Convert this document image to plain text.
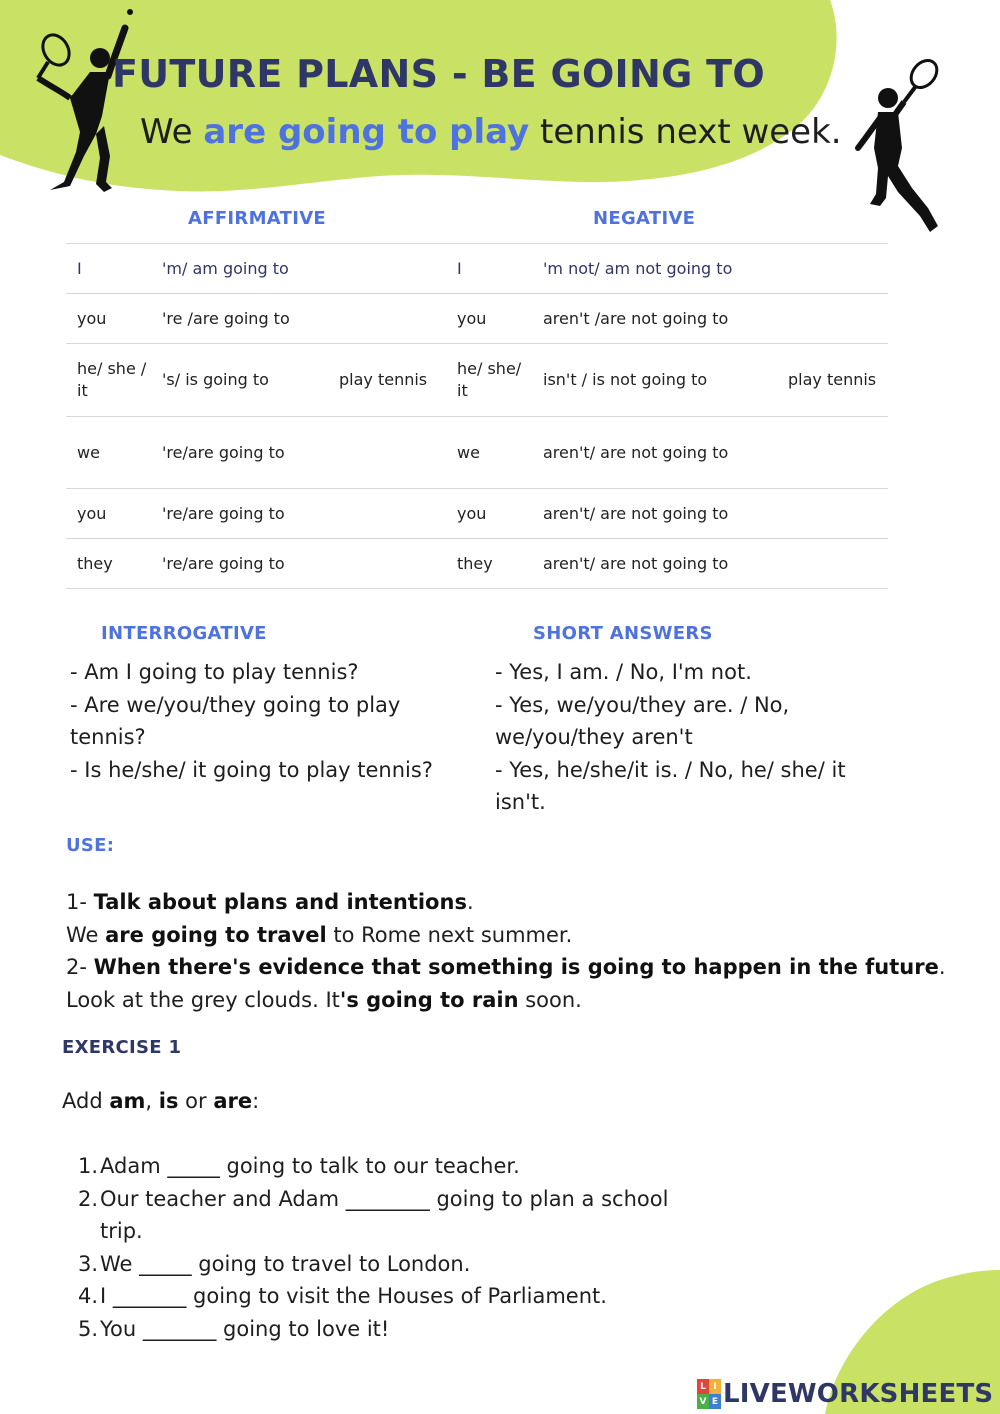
FUTURE PLANS - BE GOING TO
We are going to play tennis next week.
AFFIRMATIVE	NEGATIVE
I	'm/ am going to		I	'm not/ am not going to	
you	're /are going to		you	aren't /are not going to	
he/ she / it	's/ is going to	play tennis	he/ she/ it	isn't / is not going to	play tennis
we	're/are going to		we	aren't/ are not going to	
you	're/are going to		you	aren't/ are not going to	
they	're/are going to		they	aren't/ are not going to	
INTERROGATIVE	SHORT ANSWERS
- Am I going to play tennis?
- Are we/you/they going to play
tennis?
- Is he/she/ it going to play tennis?
- Yes, I am. / No, I'm not.
- Yes, we/you/they are. / No,
we/you/they aren't
- Yes, he/she/it is. / No, he/ she/ it
isn't.
USE:
1- Talk about plans and intentions.
We are going to travel to Rome next summer.
2- When there's evidence that something is going to happen in the future.
Look at the grey clouds. It's going to rain soon.
EXERCISE 1
Add am, is or are:
1. Adam _____ going to talk to our teacher.
2. Our teacher and Adam ________ going to plan a school
trip.
3. We _____ going to travel to London.
4. I _______ going to visit the Houses of Parliament.
5. You _______ going to love it!
L I
V E LIVEWORKSHEETS
